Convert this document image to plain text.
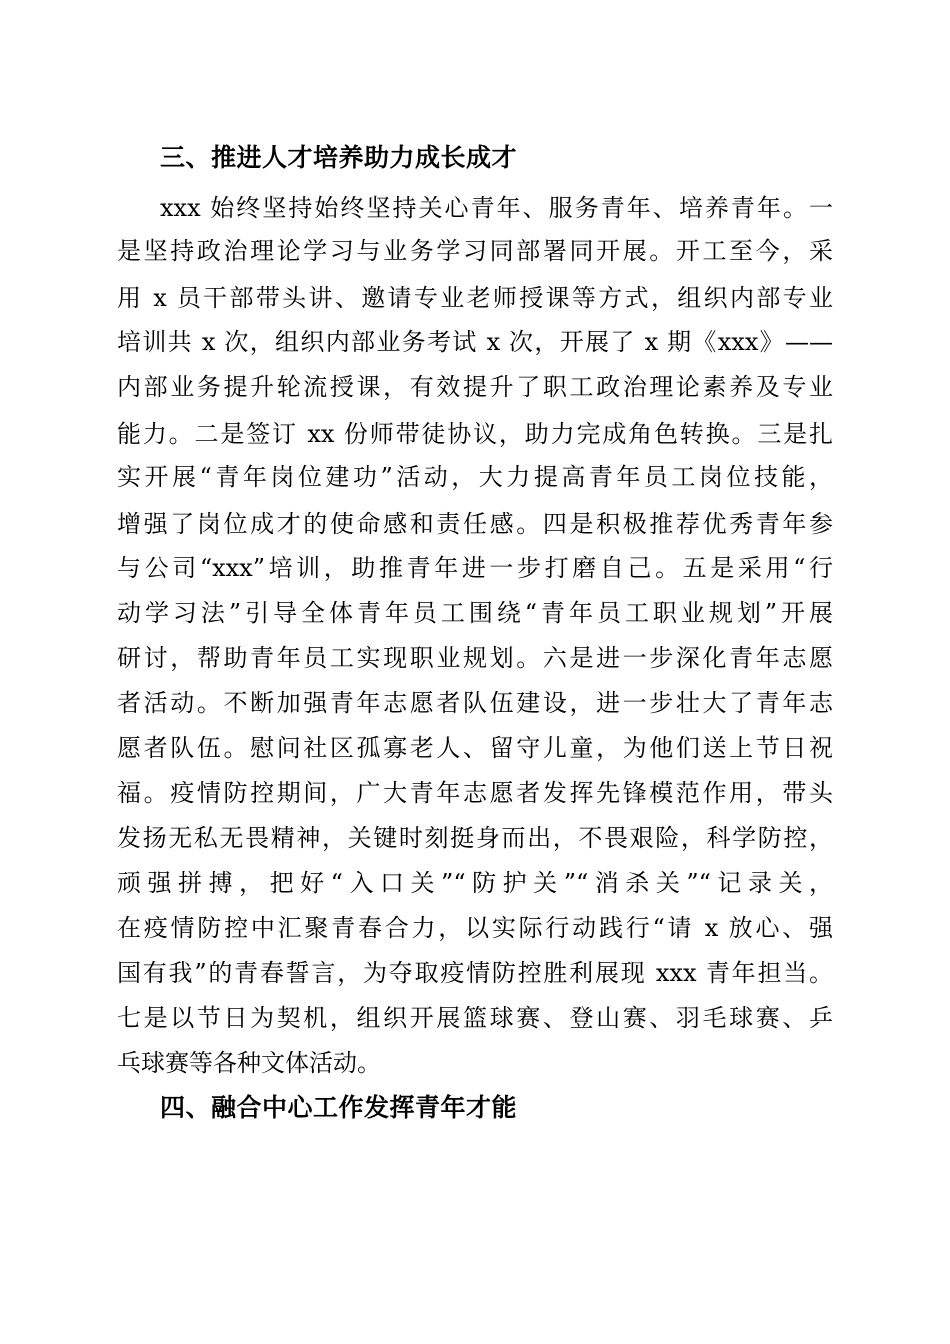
三、推进人才培养助力成长成才
xxx 始终坚持始终坚持关心青年、服务青年、培养青年。一
是坚持政治理论学习与业务学习同部署同开展。开工至今，采
用 x 员干部带头讲、邀请专业老师授课等方式，组织内部专业
培训共 x 次，组织内部业务考试 x 次，开展了 x 期《xxx》——
内部业务提升轮流授课，有效提升了职工政治理论素养及专业
能力。二是签订 xx 份师带徒协议，助力完成角色转换。三是扎
实开展“青年岗位建功”活动，大力提高青年员工岗位技能，
增强了岗位成才的使命感和责任感。四是积极推荐优秀青年参
与公司“xxx”培训，助推青年进一步打磨自己。五是采用“行
动学习法”引导全体青年员工围绕“青年员工职业规划”开展
研讨，帮助青年员工实现职业规划。六是进一步深化青年志愿
者活动。不断加强青年志愿者队伍建设，进一步壮大了青年志
愿者队伍。慰问社区孤寡老人、留守儿童，为他们送上节日祝
福。疫情防控期间，广大青年志愿者发挥先锋模范作用，带头
发扬无私无畏精神，关键时刻挺身而出，不畏艰险，科学防控，
顽强拼搏，把好“入口关”“防护关”“消杀关”“记录关，
在疫情防控中汇聚青春合力，以实际行动践行“请 x 放心、强
国有我”的青春誓言，为夺取疫情防控胜利展现 xxx 青年担当。
七是以节日为契机，组织开展篮球赛、登山赛、羽毛球赛、乒
乓球赛等各种文体活动。
四、融合中心工作发挥青年才能
